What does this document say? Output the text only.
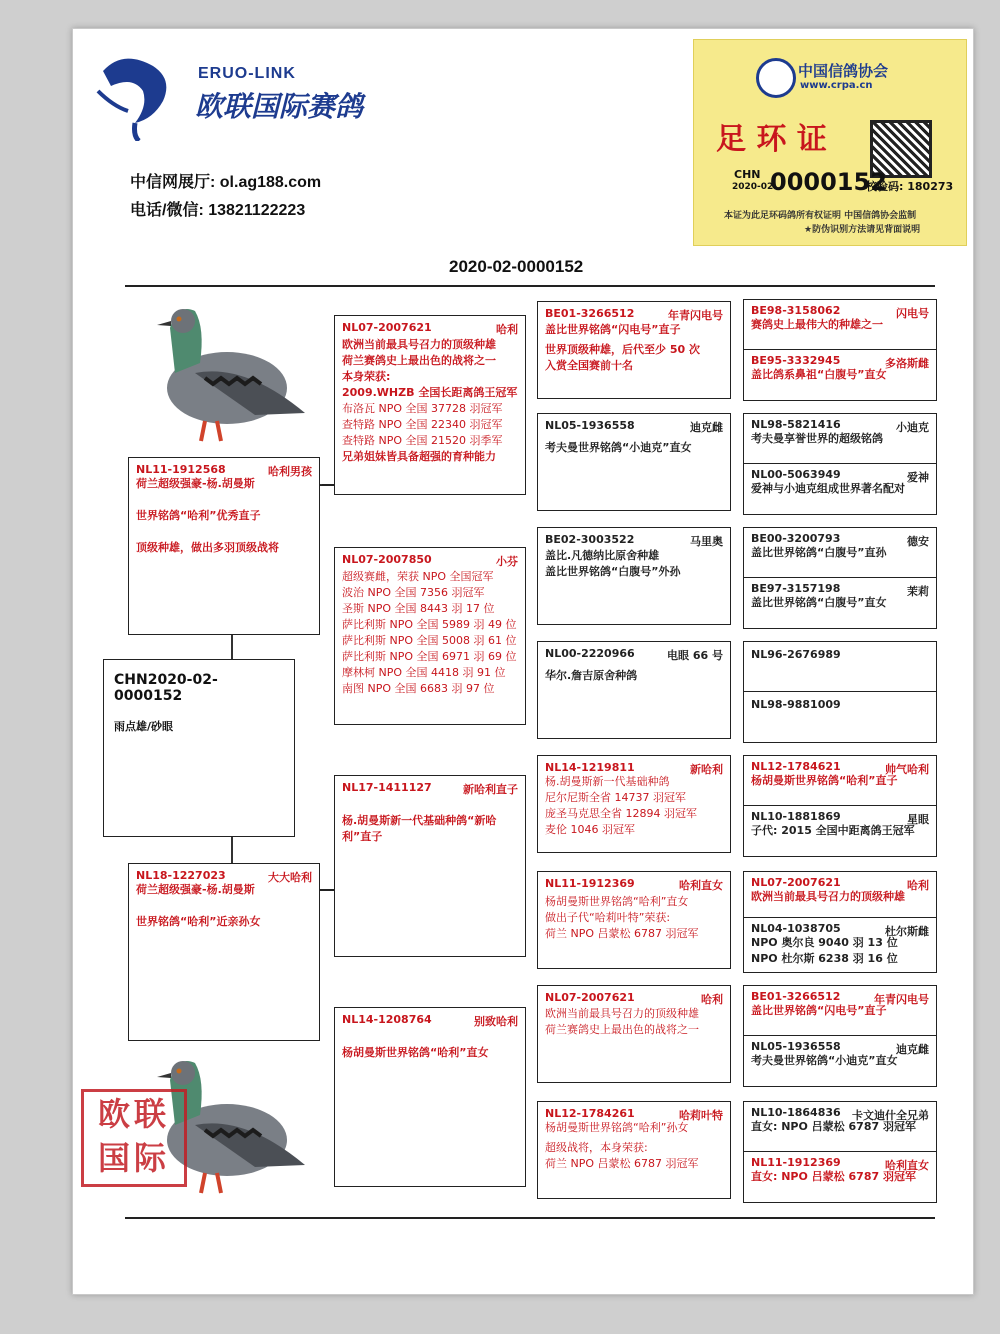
ERUO-LINK
欧联国际赛鸽
中信网展厅: ol.ag188.com
电话/微信: 13821122223
中国信鸽协会
www.crpa.cn
足 环 证
CHN
2020-02
0000152
校验码: 180273
本证为此足环码鸽所有权证明 中国信鸽协会监制
★防伪识别方法请见背面说明
2020-02-0000152
CHN2020-02-0000152
雨点雄/砂眼
NL11-1912568	哈利男孩
荷兰超级强豪-杨.胡曼斯

世界铭鸽“哈利”优秀直子

顶级种雄，做出多羽顶级战将
NL18-1227023	大大哈利
荷兰超级强豪-杨.胡曼斯

世界铭鸽“哈利”近亲孙女
NL07-2007621	哈利
欧洲当前最具号召力的顶级种雄
荷兰赛鸽史上最出色的战将之一
本身荣获:
2009.WHZB 全国长距离鸽王冠军
布洛瓦 NPO 全国 37728 羽冠军
查特路 NPO 全国 22340 羽冠军
查特路 NPO 全国 21520 羽季军
兄弟姐妹皆具备超强的育种能力
NL07-2007850	小芬
超级赛雌，荣获 NPO 全国冠军
波治 NPO 全国 7356 羽冠军
圣斯 NPO 全国 8443 羽 17 位
萨比利斯 NPO 全国 5989 羽 49 位
萨比利斯 NPO 全国 5008 羽 61 位
萨比利斯 NPO 全国 6971 羽 69 位
摩林柯 NPO 全国 4418 羽 91 位
南图 NPO 全国 6683 羽 97 位
NL17-1411127	新哈利直子

杨.胡曼斯新一代基础种鸽“新哈
利”直子
NL14-1208764	别致哈利

杨胡曼斯世界铭鸽“哈利”直女
BE01-3266512	年青闪电号
盖比世界铭鸽“闪电号”直子
世界顶级种雄，后代至少 50 次
入赏全国赛前十名
NL05-1936558	迪克雌
考夫曼世界铭鸽“小迪克”直女
BE02-3003522	马里奥
盖比.凡德纳比原舍种雄
盖比世界铭鸽“白腹号”外孙
NL00-2220966	电眼 66 号
华尔.詹吉原舍种鸽
NL14-1219811	新哈利
杨.胡曼斯新一代基础种鸽
尼尔尼斯全省 14737 羽冠军
庞圣马克思全省 12894 羽冠军
麦伦 1046 羽冠军
NL11-1912369	哈利直女
杨胡曼斯世界铭鸽“哈利”直女
做出子代“哈莉叶特”荣获:
荷兰 NPO 吕蒙松 6787 羽冠军
NL07-2007621	哈利
欧洲当前最具号召力的顶级种雄
荷兰赛鸽史上最出色的战将之一
NL12-1784261	哈莉叶特
杨胡曼斯世界铭鸽“哈利”孙女
超级战将，本身荣获:
荷兰 NPO 吕蒙松 6787 羽冠军
BE98-3158062	闪电号
赛鸽史上最伟大的种雄之一
BE95-3332945	多洛斯雌
盖比鸽系鼻祖“白腹号”直女
NL98-5821416	小迪克
考夫曼享誉世界的超级铭鸽
NL00-5063949	爱神
爱神与小迪克组成世界著名配对
BE00-3200793	德安
盖比世界铭鸽“白腹号”直孙
BE97-3157198	茉莉
盖比世界铭鸽“白腹号”直女
NL96-2676989
NL98-9881009
NL12-1784621	帅气哈利
杨胡曼斯世界铭鸽“哈利”直子
NL10-1881869	星眼
子代: 2015 全国中距离鸽王冠军
NL07-2007621	哈利
欧洲当前最具号召力的顶级种雄
NL04-1038705	杜尔斯雌
NPO 奥尔良 9040 羽 13 位
NPO 杜尔斯 6238 羽 16 位
BE01-3266512	年青闪电号
盖比世界铭鸽“闪电号”直子
NL05-1936558	迪克雌
考夫曼世界铭鸽“小迪克”直女
NL10-1864836	卡文迪什全兄弟
直女: NPO 吕蒙松 6787 羽冠军
NL11-1912369	哈利直女
直女: NPO 吕蒙松 6787 羽冠军
欧联国际
